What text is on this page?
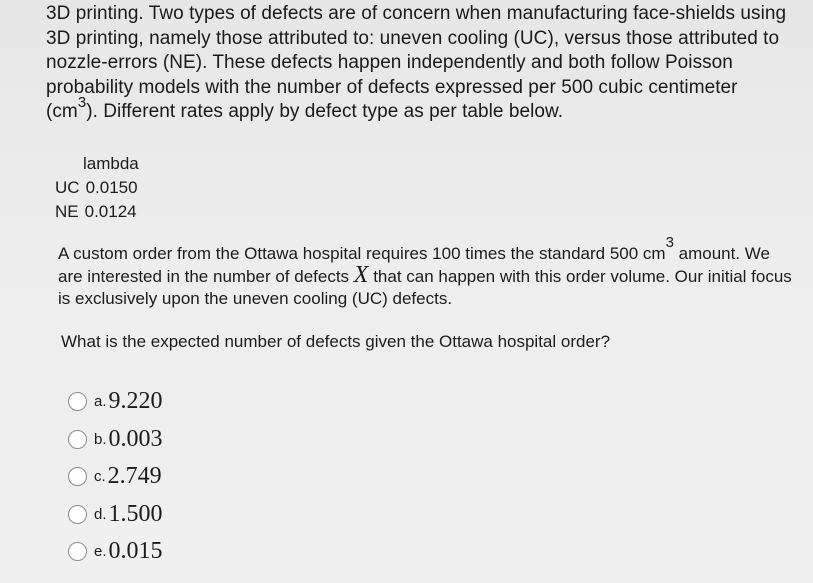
3D printing. Two types of defects are of concern when manufacturing face-shields using 3D printing, namely those attributed to: uneven cooling (UC), versus those attributed to nozzle-errors (NE). These defects happen independently and both follow Poisson probability models with the number of defects expressed per 500 cubic centimeter $(cm^3)$. Different rates apply by defect type as per table below.
lambda
UC 0.0150
NE 0.0124
A custom order from the Ottawa hospital requires 100 times the standard 500 cm3 amount. We are interested in the number of defects X that can happen with this order volume. Our initial focus is exclusively upon the uneven cooling (UC) defects.
What is the expected number of defects given the Ottawa hospital order?
a. 9.220
b. 0.003
c. 2.749
d. 1.500
e. 0.015
